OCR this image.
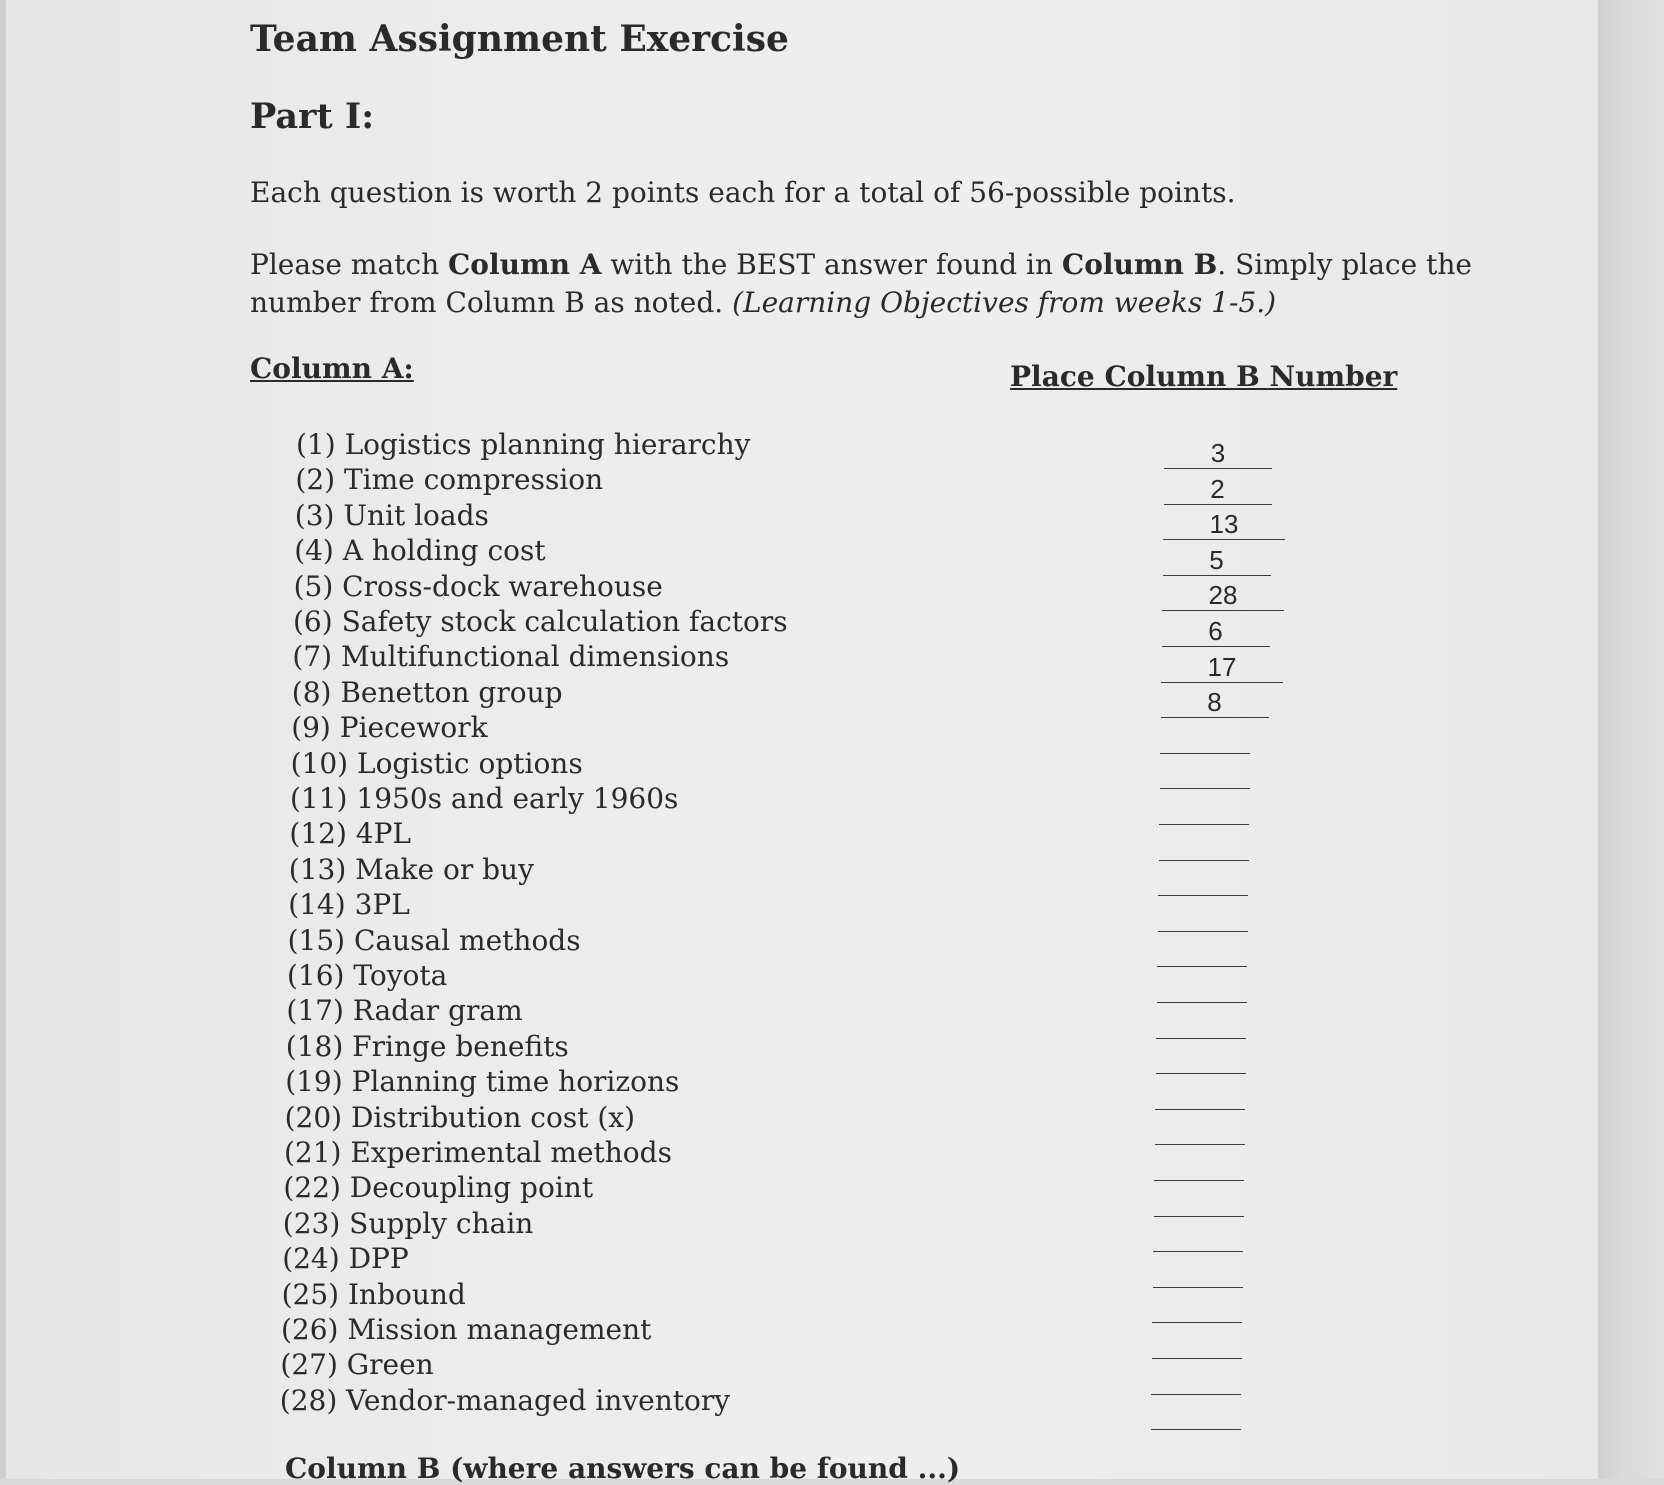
Team Assignment Exercise
Part I:
Each question is worth 2 points each for a total of 56-possible points.
Please match Column A with the BEST answer found in Column B. Simply place the
number from Column B as noted. (Learning Objectives from weeks 1-5.)
Column A:	Place Column B Number
(1) Logistics planning hierarchy
(2) Time compression
(3) Unit loads
(4) A holding cost
(5) Cross-dock warehouse
(6) Safety stock calculation factors
(7) Multifunctional dimensions
(8) Benetton group
(9) Piecework
(10) Logistic options
(11) 1950s and early 1960s
(12) 4PL
(13) Make or buy
(14) 3PL
(15) Causal methods
(16) Toyota
(17) Radar gram
(18) Fringe benefits
(19) Planning time horizons
(20) Distribution cost (x)
(21) Experimental methods
(22) Decoupling point
(23) Supply chain
(24) DPP
(25) Inbound
(26) Mission management
(27) Green
(28) Vendor-managed inventory
3
2
13
5
28
6
17
8
Column B (where answers can be found ...)
